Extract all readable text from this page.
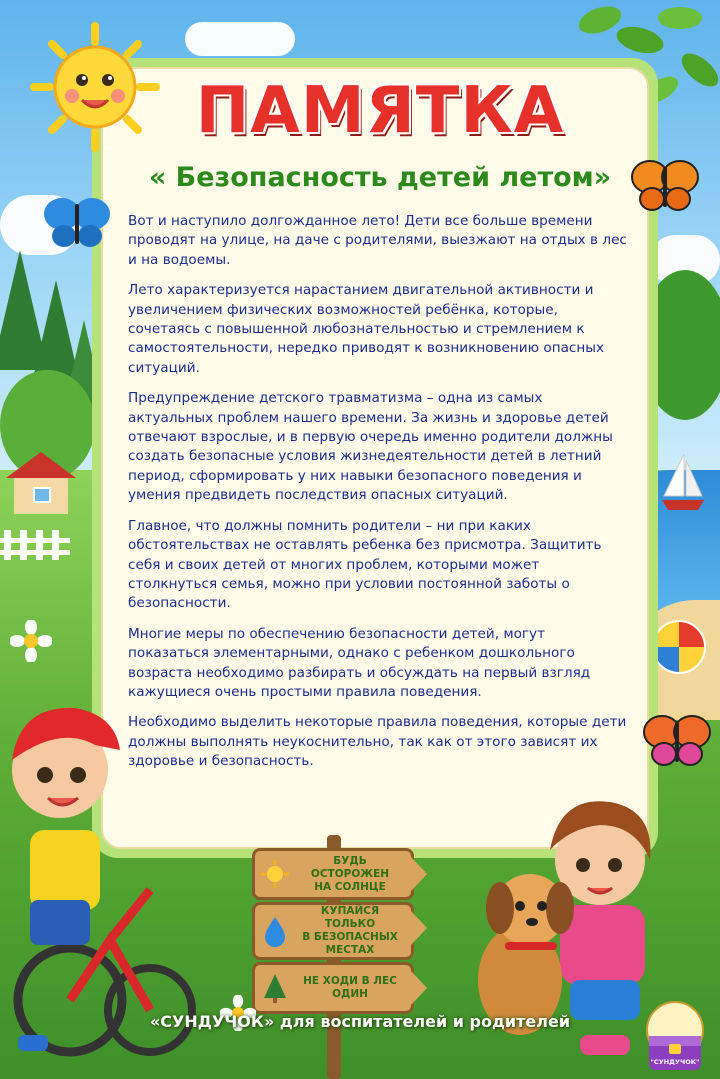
ПАМЯТКА
« Безопасность детей летом»

Вот и наступило долгожданное лето! Дети все больше времени проводят на улице, на даче с родителями, выезжают на отдых в лес и на водоемы.

Лето характеризуется нарастанием двигательной активности и увеличением физических возможностей ребёнка, которые, сочетаясь с повышенной любознательностью и стремлением к самостоятельности, нередко приводят к возникновению опасных ситуаций.

Предупреждение детского травматизма – одна из самых актуальных проблем нашего времени. За жизнь и здоровье детей отвечают взрослые, и в первую очередь именно родители должны создать безопасные условия жизнедеятельности детей в летний период, сформировать у них навыки безопасного поведения и умения предвидеть последствия опасных ситуаций.

Главное, что должны помнить родители – ни при каких обстоятельствах не оставлять ребенка без присмотра. Защитить себя и своих детей от многих проблем, которыми может столкнуться семья, можно при условии постоянной заботы о безопасности.

Многие меры по обеспечению безопасности детей, могут показаться элементарными, однако с ребенком дошкольного возраста необходимо разбирать и обсуждать на первый взгляд кажущиеся очень простыми правила поведения.

Необходимо выделить некоторые правила поведения, которые дети должны выполнять неукоснительно, так как от этого зависят их здоровье и безопасность.

БУДЬ ОСТОРОЖЕН
НА СОЛНЦЕ
КУПАЙСЯ ТОЛЬКО
В БЕЗОПАСНЫХ
МЕСТАХ
НЕ ХОДИ В ЛЕС
ОДИН
«СУНДУЧОК» для воспитателей и родителей
"СУНДУЧОК"
